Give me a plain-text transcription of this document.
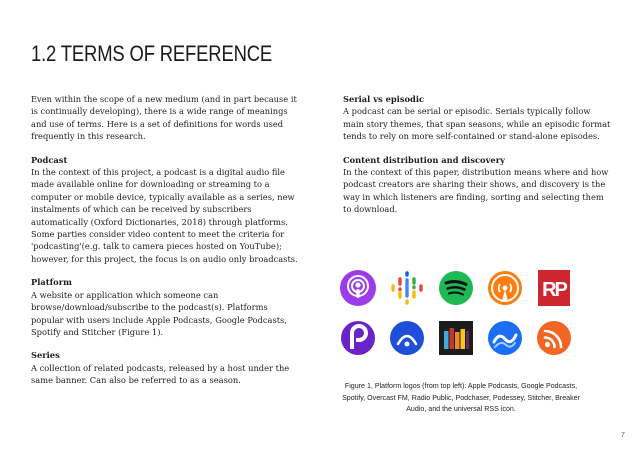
1.2 TERMS OF REFERENCE

Even within the scope of a new medium (and in part because it is continually developing), there is a wide range of meanings and use of terms. Here is a set of definitions for words used frequently in this research.

Podcast
In the context of this project, a podcast is a digital audio file made available online for downloading or streaming to a computer or mobile device, typically available as a series, new instalments of which can be received by subscribers automatically (Oxford Dictionaries, 2018) through platforms. Some parties consider video content to meet the criteria for 'podcasting'(e.g. talk to camera pieces hosted on YouTube); however, for this project, the focus is on audio only broadcasts.

Platform
A website or application which someone can browse/download/subscribe to the podcast(s). Platforms popular with users include Apple Podcasts, Google Podcasts, Spotify and Stitcher (Figure 1).

Series
A collection of related podcasts, released by a host under the same banner. Can also be referred to as a season.

Serial vs episodic
A podcast can be serial or episodic. Serials typically follow main story themes, that span seasons, while an episodic format tends to rely on more self-contained or stand-alone episodes.

Content distribution and discovery
In the context of this paper, distribution means where and how podcast creators are sharing their shows, and discovery is the way in which listeners are finding, sorting and selecting them to download.

RP
Figure 1, Platform logos (from top left): Apple Podcasts, Google Podcasts, Spotify, Overcast FM, Radio Public, Podchaser, Podessey, Stitcher, Breaker Audio, and the universal RSS icon.
7
